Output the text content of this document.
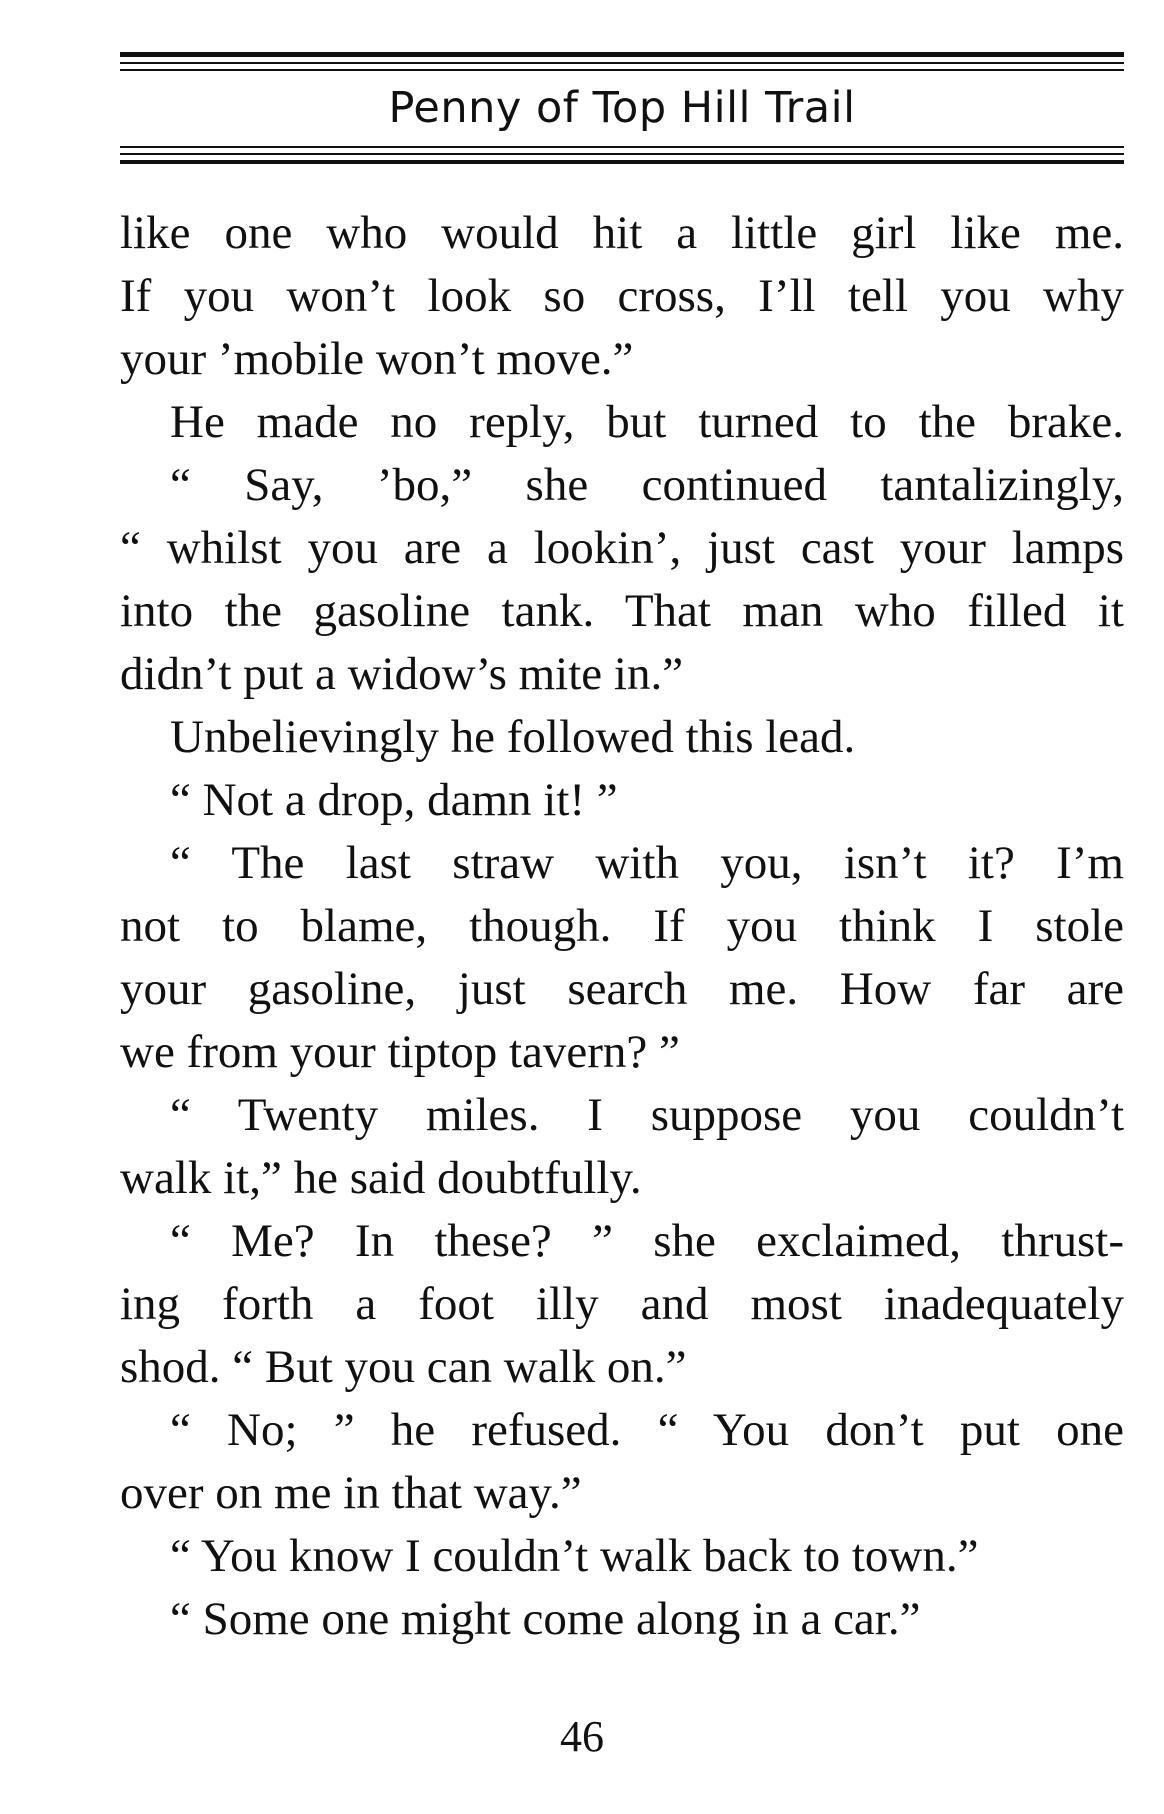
Penny of Top Hill Trail
like one who would hit a little girl like me.
If you won’t look so cross, I’ll tell you why
your ’mobile won’t move.”
He made no reply, but turned to the brake.
“ Say, ’bo,” she continued tantalizingly,
“ whilst you are a lookin’, just cast your lamps
into the gasoline tank. That man who filled it
didn’t put a widow’s mite in.”
Unbelievingly he followed this lead.
“ Not a drop, damn it! ”
“ The last straw with you, isn’t it? I’m
not to blame, though. If you think I stole
your gasoline, just search me. How far are
we from your tiptop tavern? ”
“ Twenty miles. I suppose you couldn’t
walk it,” he said doubtfully.
“ Me? In these? ” she exclaimed, thrust-
ing forth a foot illy and most inadequately
shod. “ But you can walk on.”
“ No; ” he refused. “ You don’t put one
over on me in that way.”
“ You know I couldn’t walk back to town.”
“ Some one might come along in a car.”
46
